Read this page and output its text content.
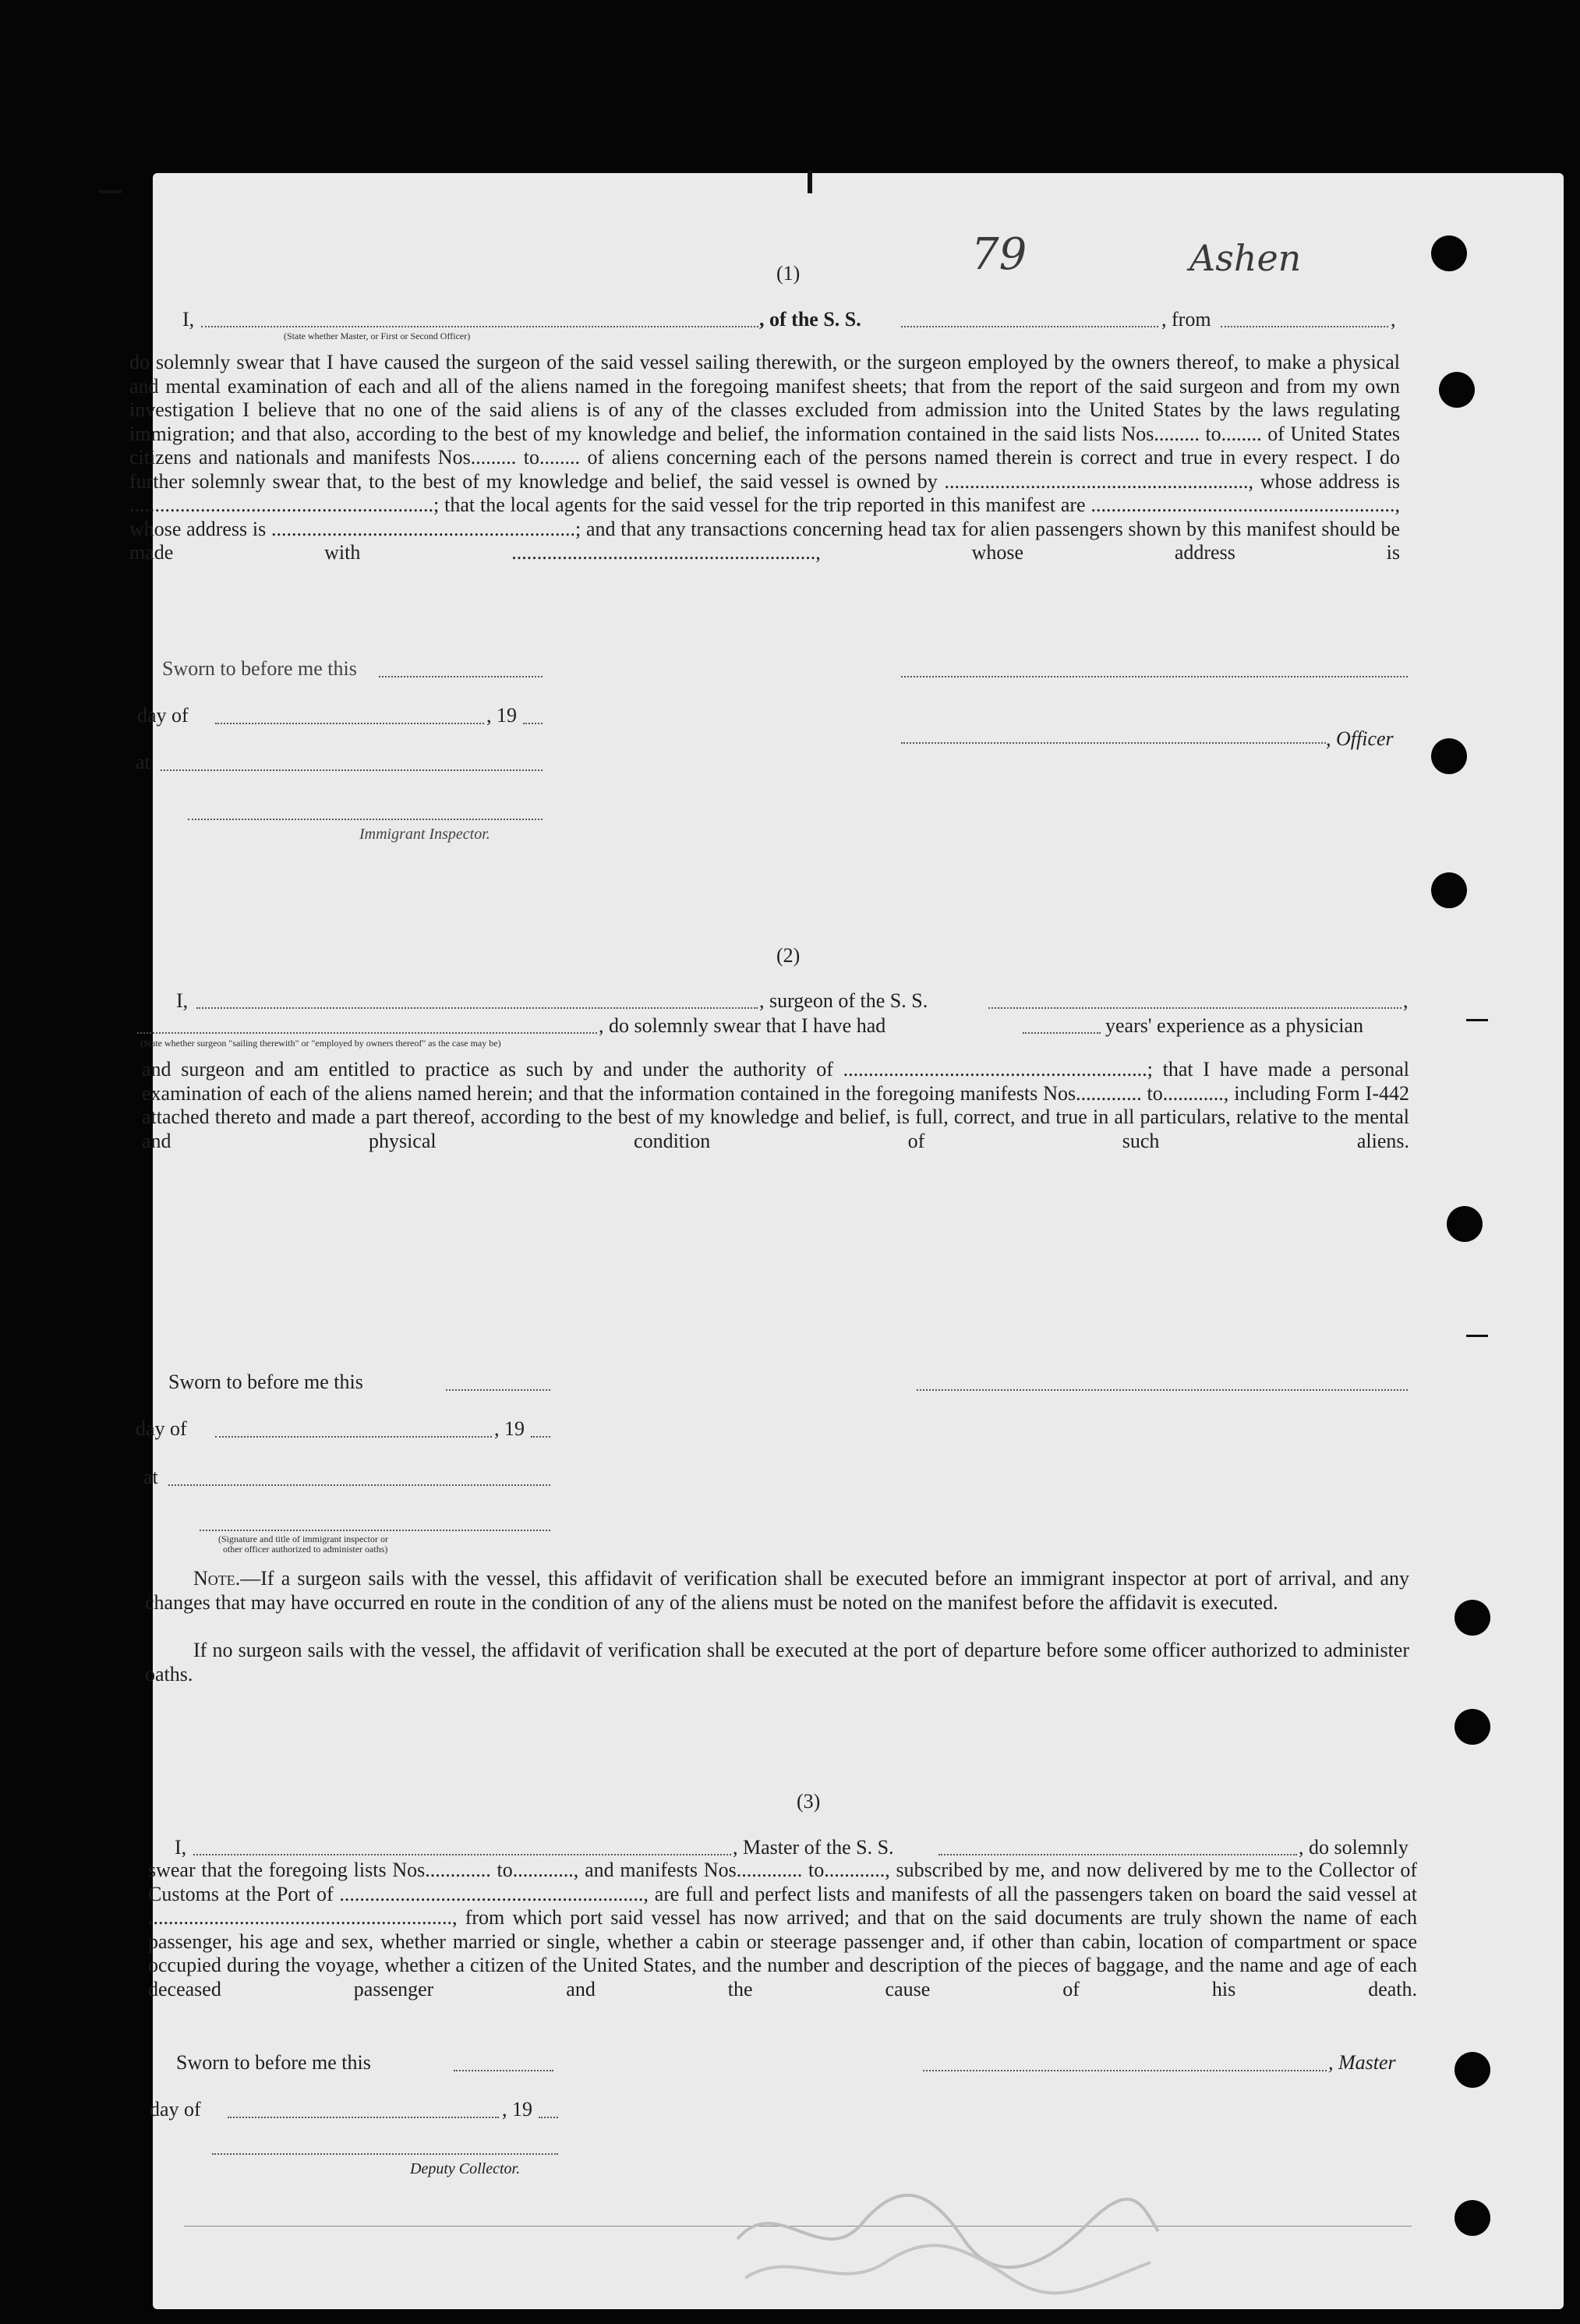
79	Ashen
(1)
I,	, of the S. S.	, from	,
(State whether Master, or First or Second Officer)
do solemnly swear that I have caused the surgeon of the said vessel sailing therewith, or the surgeon employed by the owners thereof, to make a physical and mental examination of each and all of the aliens named in the foregoing manifest sheets; that from the report of the said surgeon and from my own investigation I believe that no one of the said aliens is of any of the classes excluded from admission into the United States by the laws regulating immigration; and that also, according to the best of my knowledge and belief, the information contained in the said lists Nos......... to........ of United States citizens and nationals and manifests Nos......... to........ of aliens concerning each of the persons named therein is correct and true in every respect. I do further solemnly swear that, to the best of my knowledge and belief, the said vessel is owned by ............................................................, whose address is ............................................................; that the local agents for the said vessel for the trip reported in this manifest are ............................................................, whose address is ............................................................; and that any transactions concerning head tax for alien passengers shown by this manifest should be made with ............................................................, whose address is
Sworn to before me this
day of	, 19
, Officer
at
Immigrant Inspector.
(2)
I,	, surgeon of the S. S.	,
, do solemnly swear that I have had	years' experience as a physician
(State whether surgeon "sailing therewith" or "employed by owners thereof" as the case may be)
and surgeon and am entitled to practice as such by and under the authority of ............................................................; that I have made a personal examination of each of the aliens named herein; and that the information contained in the foregoing manifests Nos............. to............, including Form I-442 attached thereto and made a part thereof, according to the best of my knowledge and belief, is full, correct, and true in all particulars, relative to the mental and physical condition of such aliens.
Sworn to before me this
day of	, 19
at
(Signature and title of immigrant inspector or
other officer authorized to administer oaths)
Note.—If a surgeon sails with the vessel, this affidavit of verification shall be executed before an immigrant inspector at port of arrival, and any changes that may have occurred en route in the condition of any of the aliens must be noted on the manifest before the affidavit is executed.
If no surgeon sails with the vessel, the affidavit of verification shall be executed at the port of departure before some officer authorized to administer oaths.
(3)
I,	, Master of the S. S.	, do solemnly
swear that the foregoing lists Nos............. to............, and manifests Nos............. to............, subscribed by me, and now delivered by me to the Collector of Customs at the Port of ............................................................, are full and perfect lists and manifests of all the passengers taken on board the said vessel at ............................................................, from which port said vessel has now arrived; and that on the said documents are truly shown the name of each passenger, his age and sex, whether married or single, whether a cabin or steerage passenger and, if other than cabin, location of compartment or space occupied during the voyage, whether a citizen of the United States, and the number and description of the pieces of baggage, and the name and age of each deceased passenger and the cause of his death.
Sworn to before me this	, Master
day of	, 19
Deputy Collector.
